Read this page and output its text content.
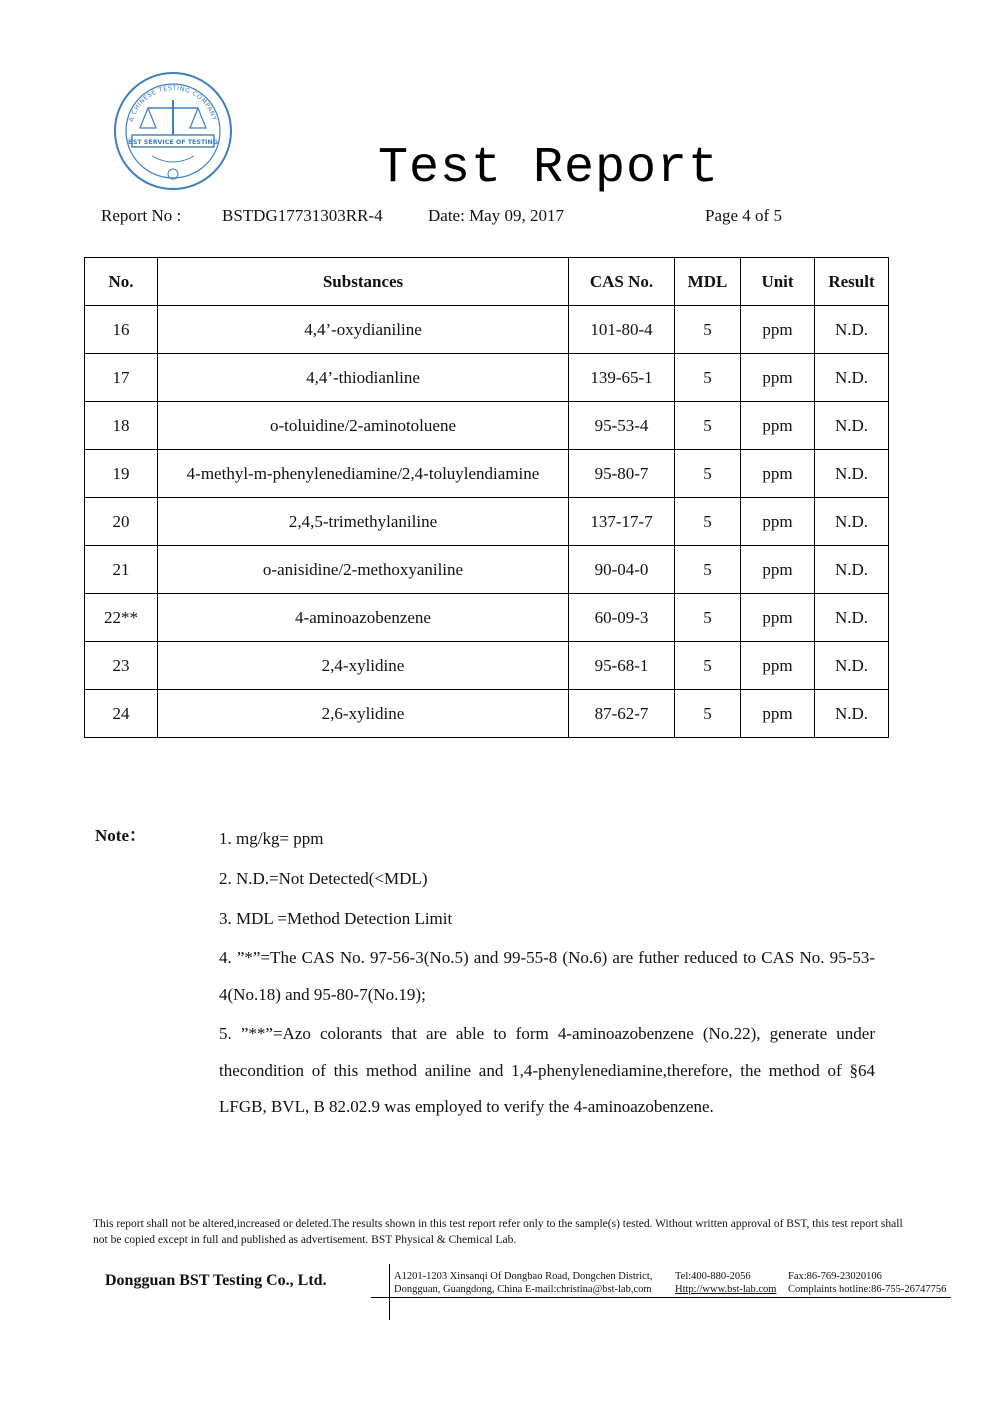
A CHINESE TESTING COMPANY
BST SERVICE OF TESTING	Test Report
Report No : BSTDG17731303RR-4	Date: May 09, 2017	Page 4 of 5
No.	Substances	CAS No.	MDL	Unit	Result
16	4,4’-oxydianiline	101-80-4	5	ppm	N.D.
17	4,4’-thiodianline	139-65-1	5	ppm	N.D.
18	o-toluidine/2-aminotoluene	95-53-4	5	ppm	N.D.
19	4-methyl-m-phenylenediamine/2,4-toluylendiamine	95-80-7	5	ppm	N.D.
20	2,4,5-trimethylaniline	137-17-7	5	ppm	N.D.
21	o-anisidine/2-methoxyaniline	90-04-0	5	ppm	N.D.
22**	4-aminoazobenzene	60-09-3	5	ppm	N.D.
23	2,4-xylidine	95-68-1	5	ppm	N.D.
24	2,6-xylidine	87-62-7	5	ppm	N.D.
Note：	1. mg/kg= ppm

2. N.D.=Not Detected(<MDL)

3. MDL =Method Detection Limit

4. ”*”=The CAS No. 97-56-3(No.5) and 99-55-8 (No.6) are futher reduced to CAS No. 95-53-4(No.18) and 95-80-7(No.19);

5. ”**”=Azo colorants that are able to form 4-aminoazobenzene (No.22), generate under thecondition of this method aniline and 1,4-phenylenediamine,therefore, the method of §64 LFGB, BVL, B 82.02.9 was employed to verify the 4-aminoazobenzene.

This report shall not be altered,increased or deleted.The results shown in this test report refer only to the sample(s) tested. Without written approval of BST, this test report shall not be copied except in full and published as advertisement. BST Physical & Chemical Lab.
Dongguan BST Testing Co., Ltd.	A1201-1203 Xinsanqi Of Dongbao Road, Dongchen District,
Dongguan, Guangdong, China E-mail:christina@bst-lab,com
Tel:400-880-2056
Http://www.bst-lab.com
Fax:86-769-23020106
Complaints hotline:86-755-26747756
